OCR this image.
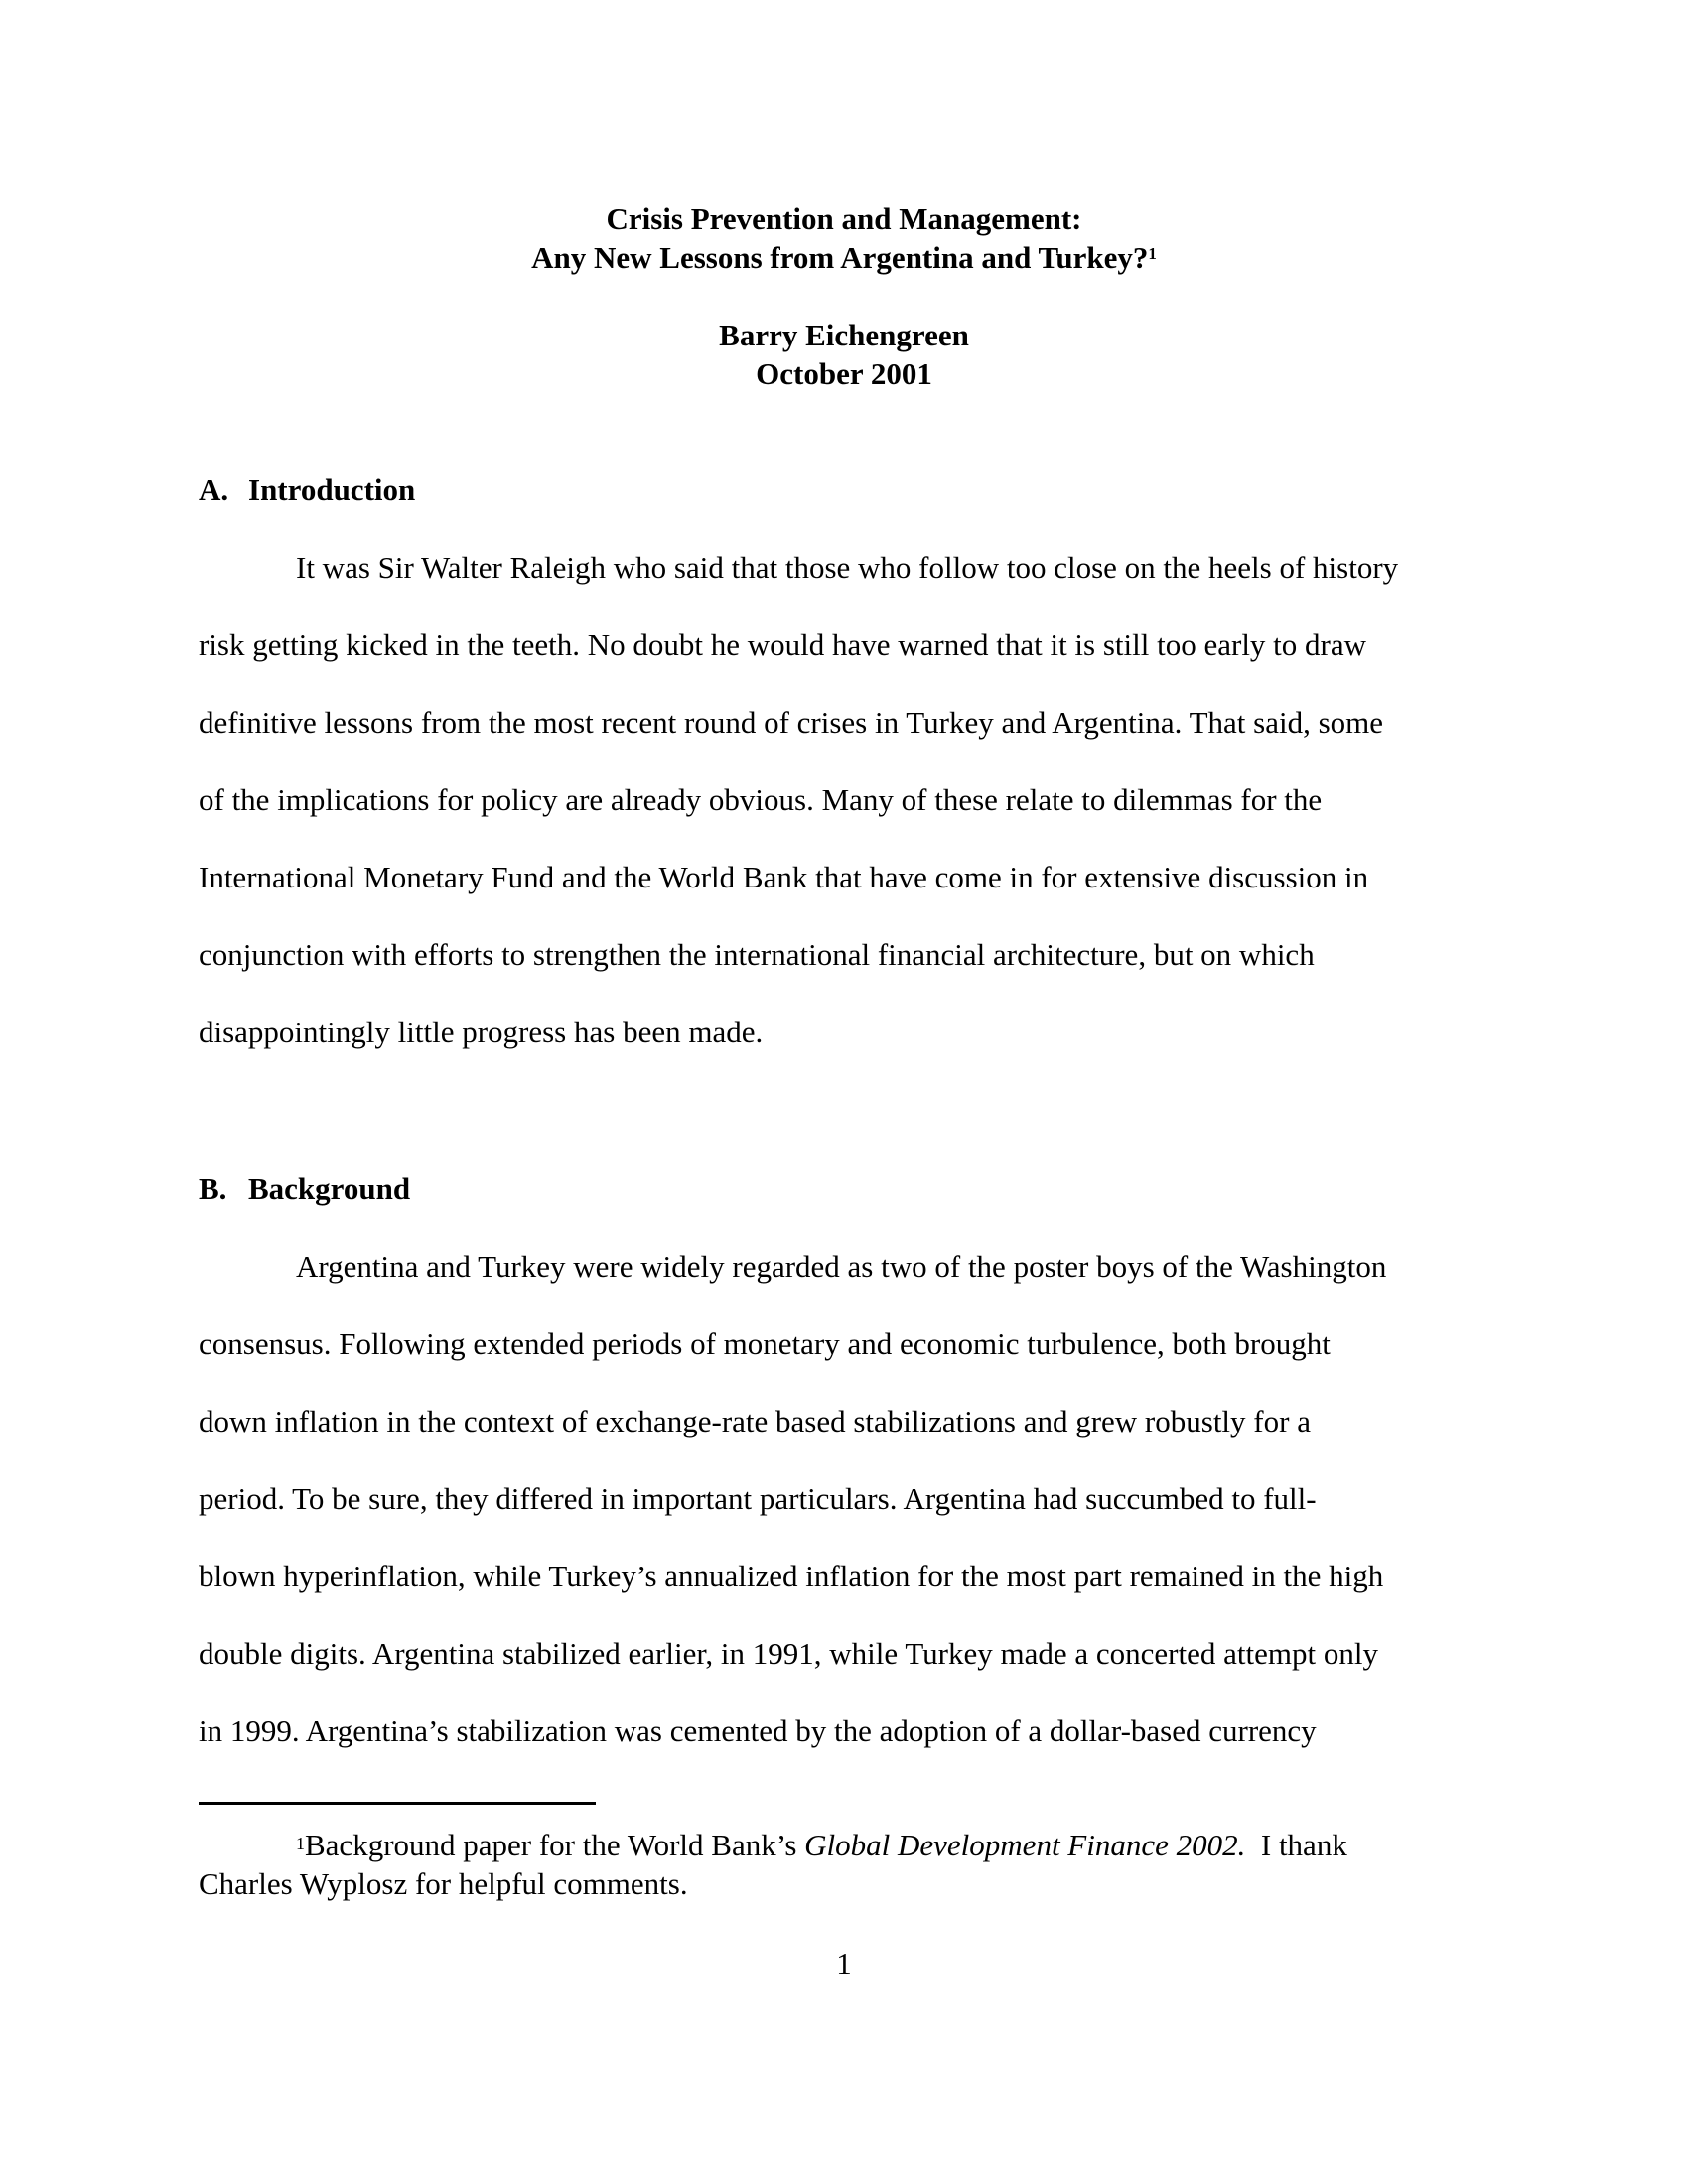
Crisis Prevention and Management:
Any New Lessons from Argentina and Turkey?$^1$
Barry Eichengreen
October 2001
A. Introduction
It was Sir Walter Raleigh who said that those who follow too close on the heels of history
risk getting kicked in the teeth. No doubt he would have warned that it is still too early to draw
definitive lessons from the most recent round of crises in Turkey and Argentina. That said, some
of the implications for policy are already obvious. Many of these relate to dilemmas for the
International Monetary Fund and the World Bank that have come in for extensive discussion in
conjunction with efforts to strengthen the international financial architecture, but on which
disappointingly little progress has been made.
B. Background
Argentina and Turkey were widely regarded as two of the poster boys of the Washington
consensus. Following extended periods of monetary and economic turbulence, both brought
down inflation in the context of exchange-rate based stabilizations and grew robustly for a
period. To be sure, they differed in important particulars. Argentina had succumbed to full-
blown hyperinflation, while Turkey’s annualized inflation for the most part remained in the high
double digits. Argentina stabilized earlier, in 1991, while Turkey made a concerted attempt only
in 1999. Argentina’s stabilization was cemented by the adoption of a dollar-based currency
$^1$Background paper for the World Bank’s Global Development Finance 2002.  I thank
Charles Wyplosz for helpful comments.
1
